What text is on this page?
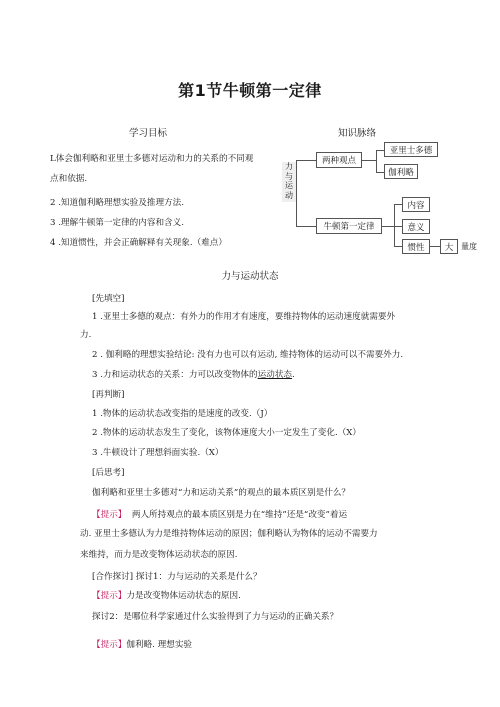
第1节牛顿第一定律
学习目标
L体会伽利略和亚里士多德对运动和力的关系的不同观
点和依据.
2 .知道伽利略理想实验及推理方法.
3 .理解牛顿第一定律的内容和含义.
4 .知道惯性，并会正确解释有关现象.（难点）
知识脉络
力与运动
两种观点
亚里士多德
伽利略
牛顿第一定律
内容
意义
惯性	大 量度
力与运动状态
[先填空]
1 .亚里士多德的观点：有外力的作用才有速度，要维持物体的运动速度就需要外
力.
2 . 伽利略的理想实验结论: 没有力也可以有运动, 维持物体的运动可以不需要外力.
3 .力和运动状态的关系：力可以改变物体的运动状态.
[再判断]
1 .物体的运动状态改变指的是速度的改变.（J）
2 .物体的运动状态发生了变化，该物体速度大小一定发生了变化.（X）
3 .牛顿设计了理想斜面实验.（X）
[后思考]
伽利略和亚里士多德对“力和运动关系”的观点的最本质区别是什么？
【提示】 两人所持观点的最本质区别是力在“维持”还是“改变”着运
动. 亚里士多德认为力是维持物体运动的原因；伽利略认为物体的运动不需要力
来维持，而力是改变物体运动状态的原因.
[合作探讨] 探讨1：力与运动的关系是什么？
【提示】力是改变物体运动状态的原因.
探讨2：是哪位科学家通过什么实验得到了力与运动的正确关系？
【提示】伽利略. 理想实验
